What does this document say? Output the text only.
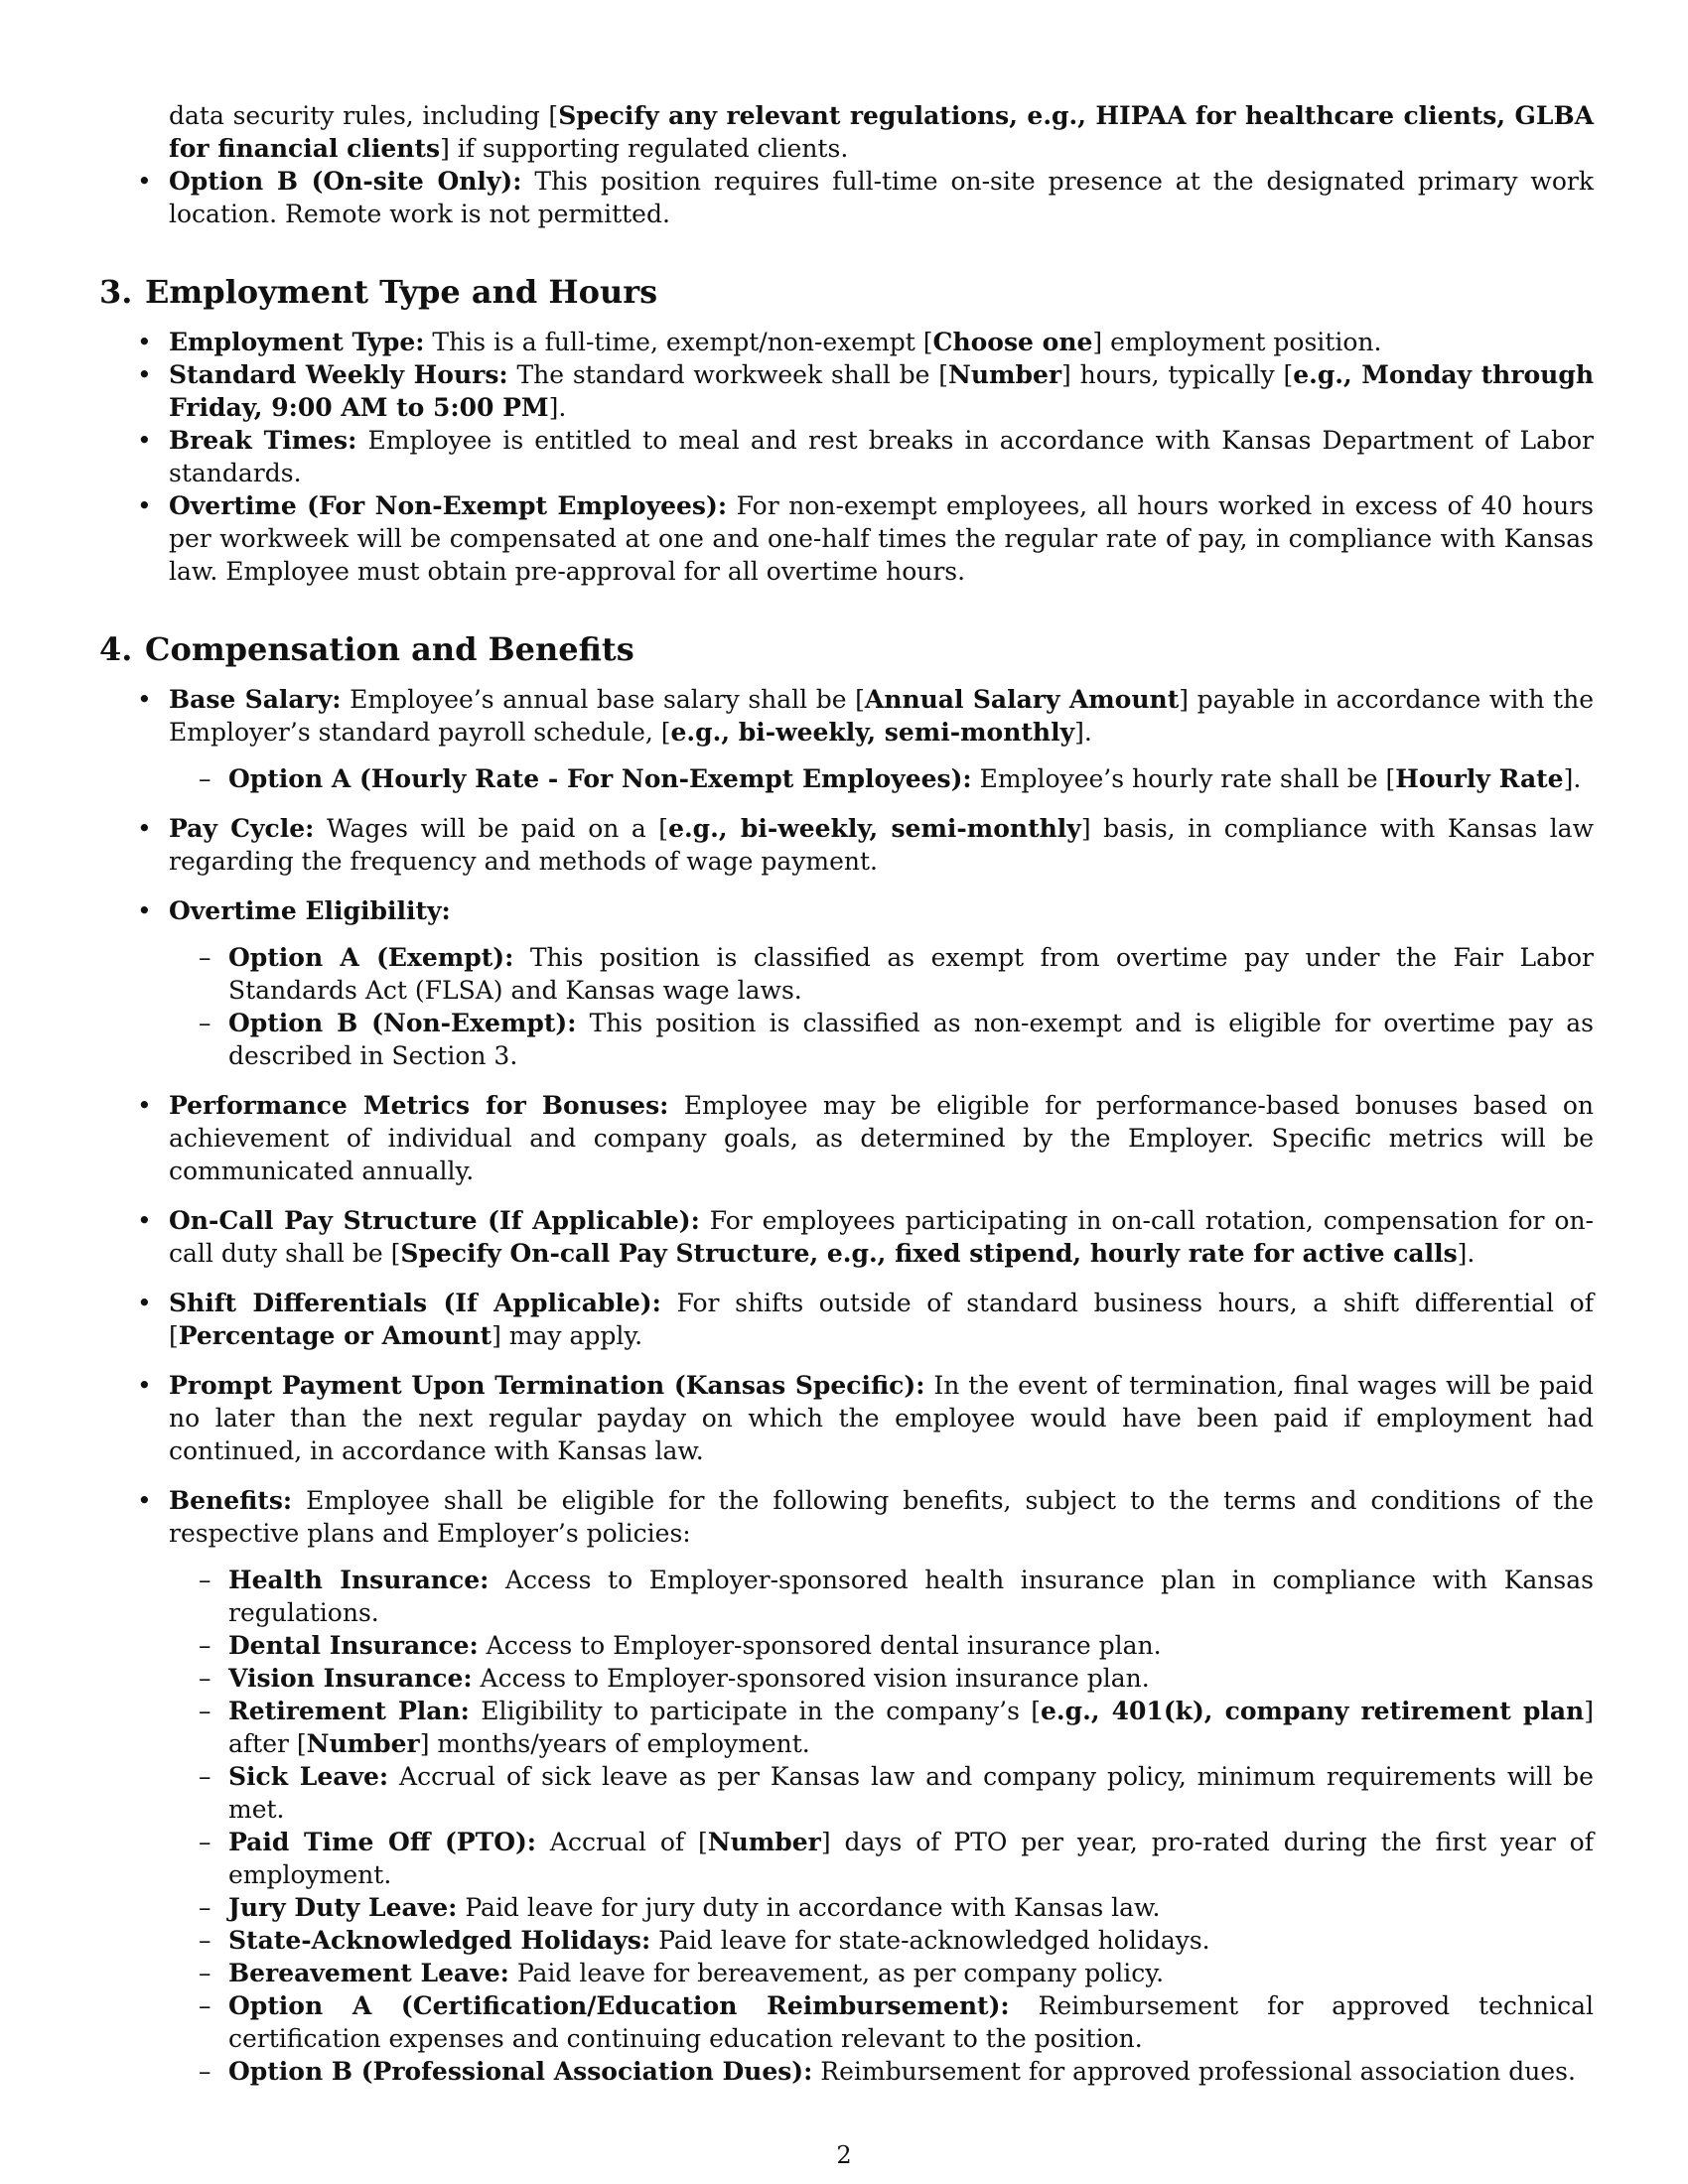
data security rules, including [Specify any relevant regulations, e.g., HIPAA for healthcare clients, GLBA for financial clients] if supporting regulated clients.

• Option B (On-site Only): This position requires full-time on-site presence at the designated primary work location. Remote work is not permitted.

3. Employment Type and Hours

• Employment Type: This is a full-time, exempt/non-exempt [Choose one] employment position.

• Standard Weekly Hours: The standard workweek shall be [Number] hours, typically [e.g., Monday through Friday, 9:00 AM to 5:00 PM].

• Break Times: Employee is entitled to meal and rest breaks in accordance with Kansas Department of Labor standards.

• Overtime (For Non-Exempt Employees): For non-exempt employees, all hours worked in excess of 40 hours per workweek will be compensated at one and one-half times the regular rate of pay, in compliance with Kansas law. Employee must obtain pre-approval for all overtime hours.

4. Compensation and Benefits

• Base Salary: Employee’s annual base salary shall be [Annual Salary Amount] payable in accordance with the Employer’s standard payroll schedule, [e.g., bi-weekly, semi-monthly].

– Option A (Hourly Rate - For Non-Exempt Employees): Employee’s hourly rate shall be [Hourly Rate].

• Pay Cycle: Wages will be paid on a [e.g., bi-weekly, semi-monthly] basis, in compliance with Kansas law regarding the frequency and methods of wage payment.

• Overtime Eligibility:

– Option A (Exempt): This position is classified as exempt from overtime pay under the Fair Labor Standards Act (FLSA) and Kansas wage laws.

– Option B (Non-Exempt): This position is classified as non-exempt and is eligible for overtime pay as described in Section 3.

• Performance Metrics for Bonuses: Employee may be eligible for performance-based bonuses based on achievement of individual and company goals, as determined by the Employer. Specific metrics will be communicated annually.

• On-Call Pay Structure (If Applicable): For employees participating in on-call rotation, compensation for on-call duty shall be [Specify On-call Pay Structure, e.g., fixed stipend, hourly rate for active calls].

• Shift Differentials (If Applicable): For shifts outside of standard business hours, a shift differential of [Percentage or Amount] may apply.

• Prompt Payment Upon Termination (Kansas Specific): In the event of termination, final wages will be paid no later than the next regular payday on which the employee would have been paid if employment had continued, in accordance with Kansas law.

• Benefits: Employee shall be eligible for the following benefits, subject to the terms and conditions of the respective plans and Employer’s policies:

– Health Insurance: Access to Employer-sponsored health insurance plan in compliance with Kansas regulations.

– Dental Insurance: Access to Employer-sponsored dental insurance plan.

– Vision Insurance: Access to Employer-sponsored vision insurance plan.

– Retirement Plan: Eligibility to participate in the company’s [e.g., 401(k), company retirement plan] after [Number] months/years of employment.

– Sick Leave: Accrual of sick leave as per Kansas law and company policy, minimum requirements will be met.

– Paid Time Off (PTO): Accrual of [Number] days of PTO per year, pro-rated during the first year of employment.

– Jury Duty Leave: Paid leave for jury duty in accordance with Kansas law.

– State-Acknowledged Holidays: Paid leave for state-acknowledged holidays.

– Bereavement Leave: Paid leave for bereavement, as per company policy.

– Option A (Certification/Education Reimbursement): Reimbursement for approved technical certification expenses and continuing education relevant to the position.

– Option B (Professional Association Dues): Reimbursement for approved professional association dues.

2
